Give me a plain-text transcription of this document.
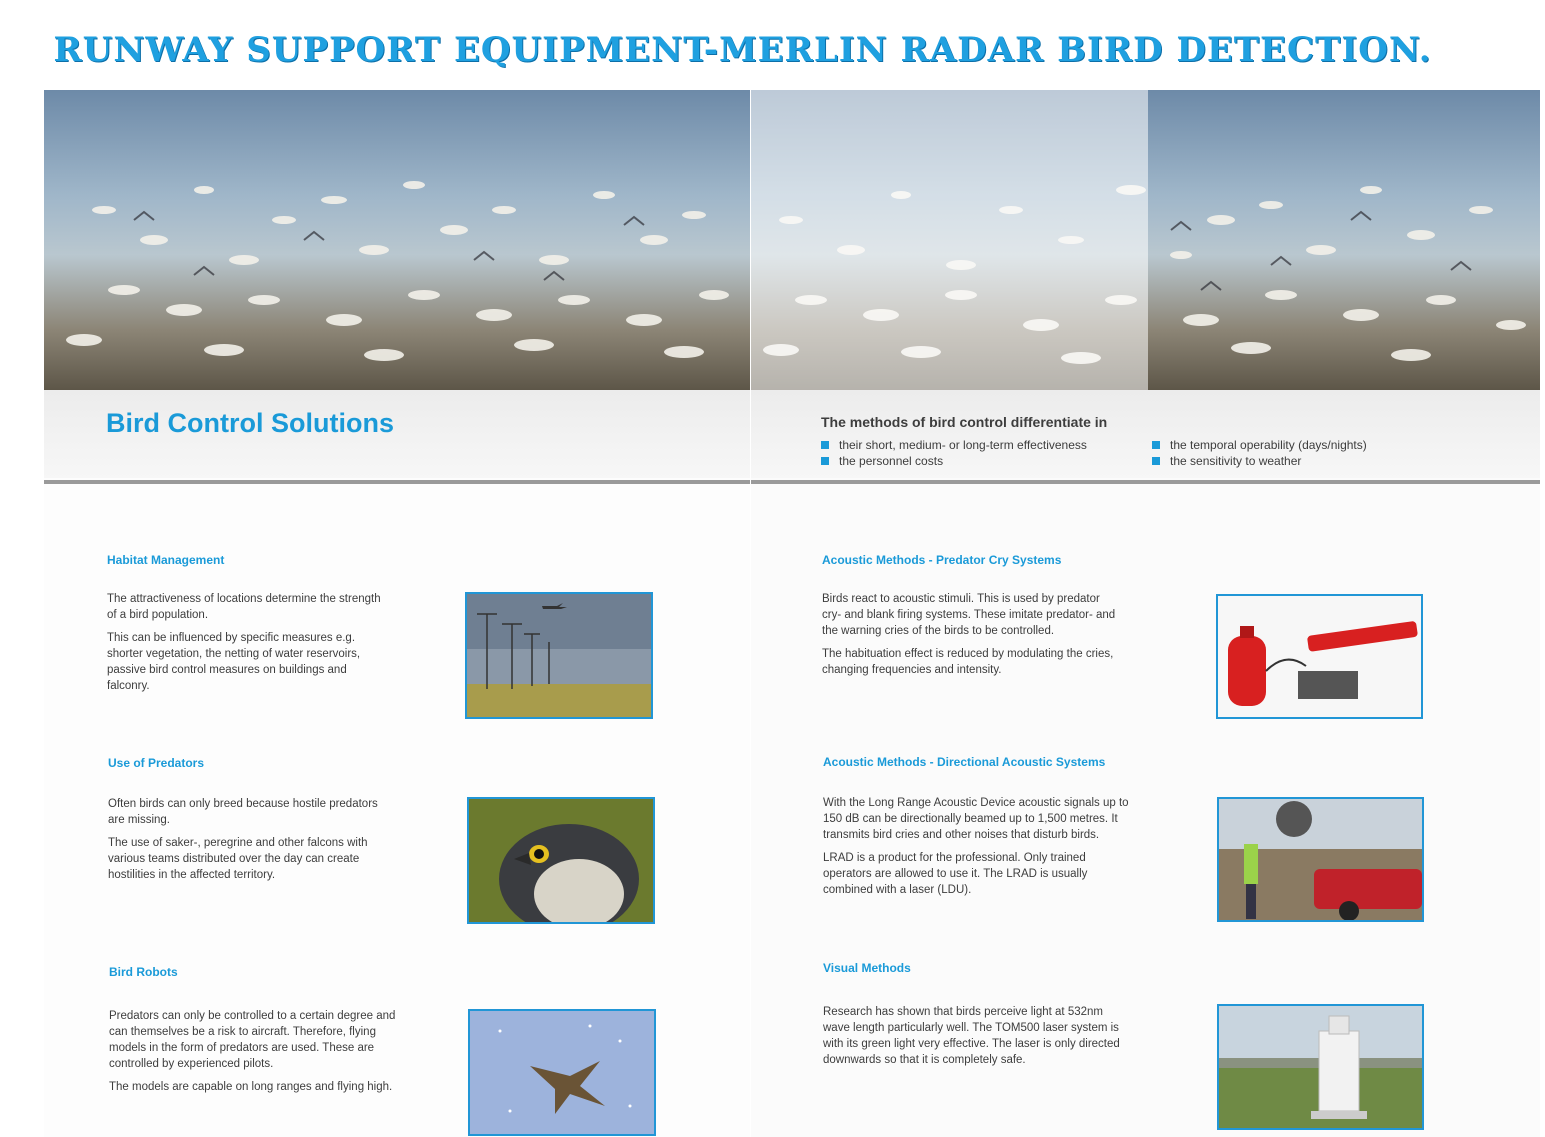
RUNWAY SUPPORT EQUIPMENT-MERLIN RADAR BIRD DETECTION.
Bird Control Solutions
Habitat Management

The attractiveness of locations determine the strength of a bird population.

This can be influenced by specific measures e.g. shorter vegetation, the netting of water reservoirs, passive bird control measures on buildings and falconry.

Use of Predators

Often birds can only breed because hostile predators are missing.

The use of saker-, peregrine and other falcons with various teams distributed over the day can create hostilities in the affected territory.

Bird Robots

Predators can only be controlled to a certain degree and can themselves be a risk to aircraft. Therefore, flying models in the form of predators are used. These are controlled by experienced pilots.

The models are capable on long ranges and flying high.

The methods of bird control differentiate in
their short, medium- or long-term effectiveness
the personnel costs
the temporal operability (days/nights)
the sensitivity to weather
Acoustic Methods - Predator Cry Systems

Birds react to acoustic stimuli. This is used by predator cry- and blank firing systems. These imitate predator- and the warning cries of the birds to be controlled.

The habituation effect is reduced by modulating the cries, changing frequencies and intensity.

Acoustic Methods - Directional Acoustic Systems

With the Long Range Acoustic Device acoustic signals up to 150 dB can be directionally beamed up to 1,500 metres. It transmits bird cries and other noises that disturb birds.

LRAD is a product for the professional. Only trained operators are allowed to use it. The LRAD is usually combined with a laser (LDU).

Visual Methods

Research has shown that birds perceive light at 532nm wave length particularly well. The TOM500 laser system is with its green light very effective. The laser is only directed downwards so that it is completely safe.
